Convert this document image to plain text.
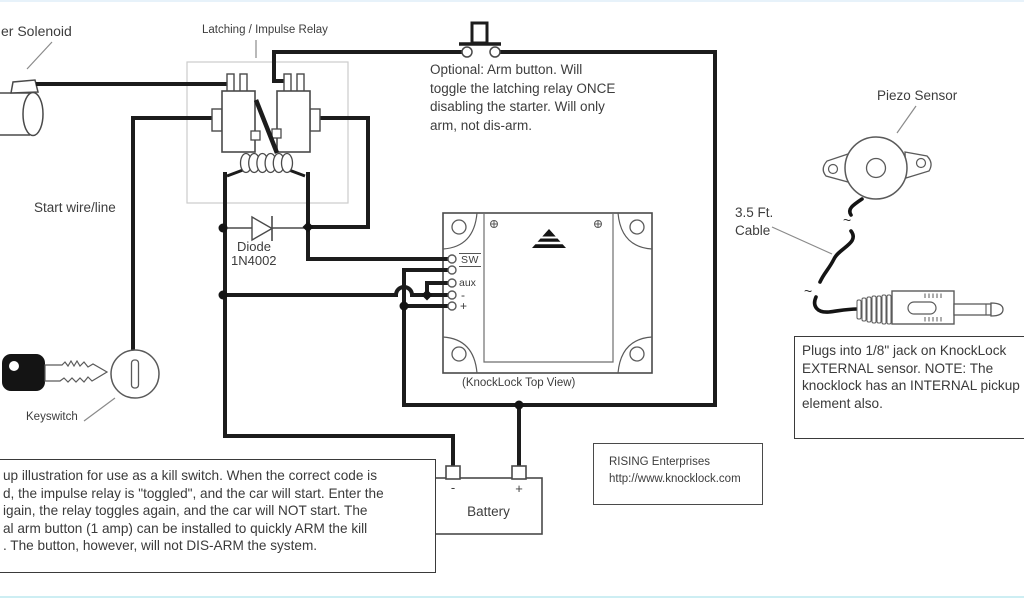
er Solenoid	Latching / Impulse Relay
Start wire/line
Keyswitch
Diode
1N4002
Piezo Sensor
3.5 Ft.
Cable
(KnockLock Top View)
Optional: Arm button. Will
toggle the latching relay ONCE
disabling the starter. Will only
arm, not dis-arm.
SW
aux
-
+
Battery
-	+
~
~
Plugs into 1/8" jack on KnockLock
EXTERNAL sensor. NOTE: The
knocklock has an INTERNAL pickup
element also.
up illustration for use as a kill switch. When the correct code is
d, the impulse relay is "toggled", and the car will start. Enter the
igain, the relay toggles again, and the car will NOT start. The
al arm button (1 amp) can be installed to quickly ARM the kill
. The button, however, will not DIS-ARM the system.
RISING Enterprises
http://www.knocklock.com
